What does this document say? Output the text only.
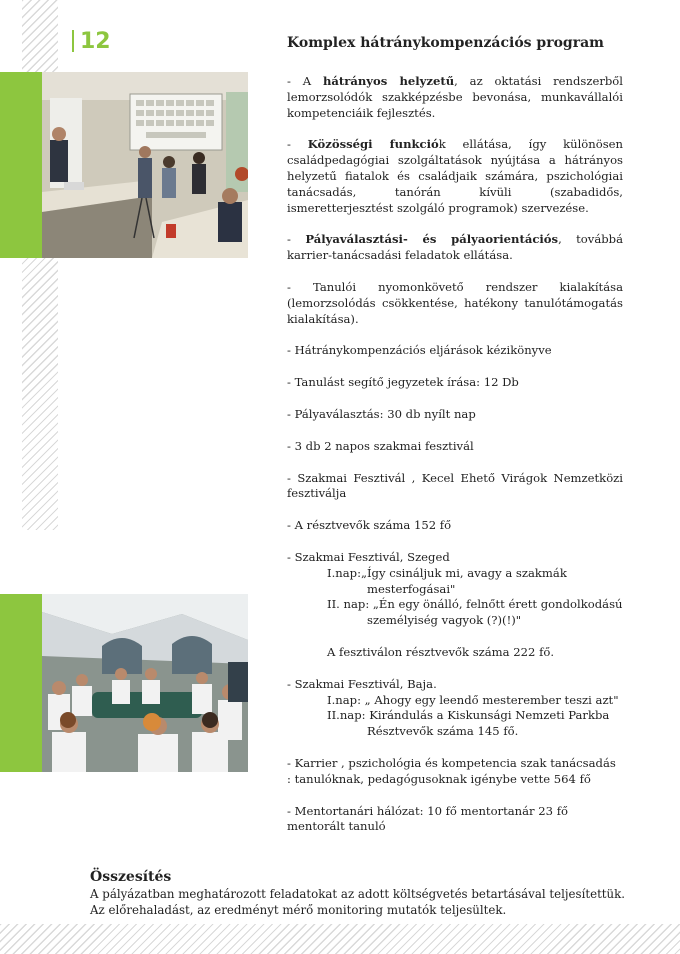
12	Komplex hátránykompenzációs program

- A hátrányos helyzetű, az oktatási rendszerből lemorzsolódók szakképzésbe bevonása, munkavállalói kompetenciáik fejlesztés.

- Közösségi funkciók ellátása, így különösen családpedagógiai szolgáltatások nyújtása a hátrányos helyzetű fiatalok és családjaik számára, pszichológiai tanácsadás, tanórán kívüli (szabadidős, ismeretterjesztést szolgáló programok) szervezése.

- Pályaválasztási- és pályaorientációs, továbbá karrier-tanácsadási feladatok ellátása.

- Tanulói nyomonkövető rendszer kialakítása (lemorzsolódás csökkentése, hatékony tanulótámogatás kialakítása).

- Hátránykompenzációs eljárások kézikönyve

- Tanulást segítő jegyzetek írása: 12 Db

- Pályaválasztás: 30 db nyílt nap

- 3 db 2 napos szakmai fesztivál

- Szakmai Fesztivál , Kecel Ehető Virágok Nemzetközi fesztiválja

- A résztvevők száma 152 fő

- Szakmai Fesztivál, Szeged
I.nap:„Így csináljuk mi, avagy a szakmák
mesterfogásai"
II. nap: „Én egy önálló, felnőtt érett gondolkodású
személyiség vagyok (?)(!)"

A fesztiválon résztvevők száma 222 fő.

- Szakmai Fesztivál, Baja.
I.nap: „ Ahogy egy leendő mesterember teszi azt"
II.nap: Kirándulás a Kiskunsági Nemzeti Parkba
Résztvevők száma 145 fő.

- Karrier , pszichológia és kompetencia szak tanácsadás : tanulóknak, pedagógusoknak igénybe vette 564 fő

- Mentortanári hálózat: 10 fő mentortanár 23 fő mentorált tanuló

Összesítés
A pályázatban meghatározott feladatokat az adott költségvetés betartásával teljesítettük.
Az előrehaladást, az eredményt mérő monitoring mutatók teljesültek.
